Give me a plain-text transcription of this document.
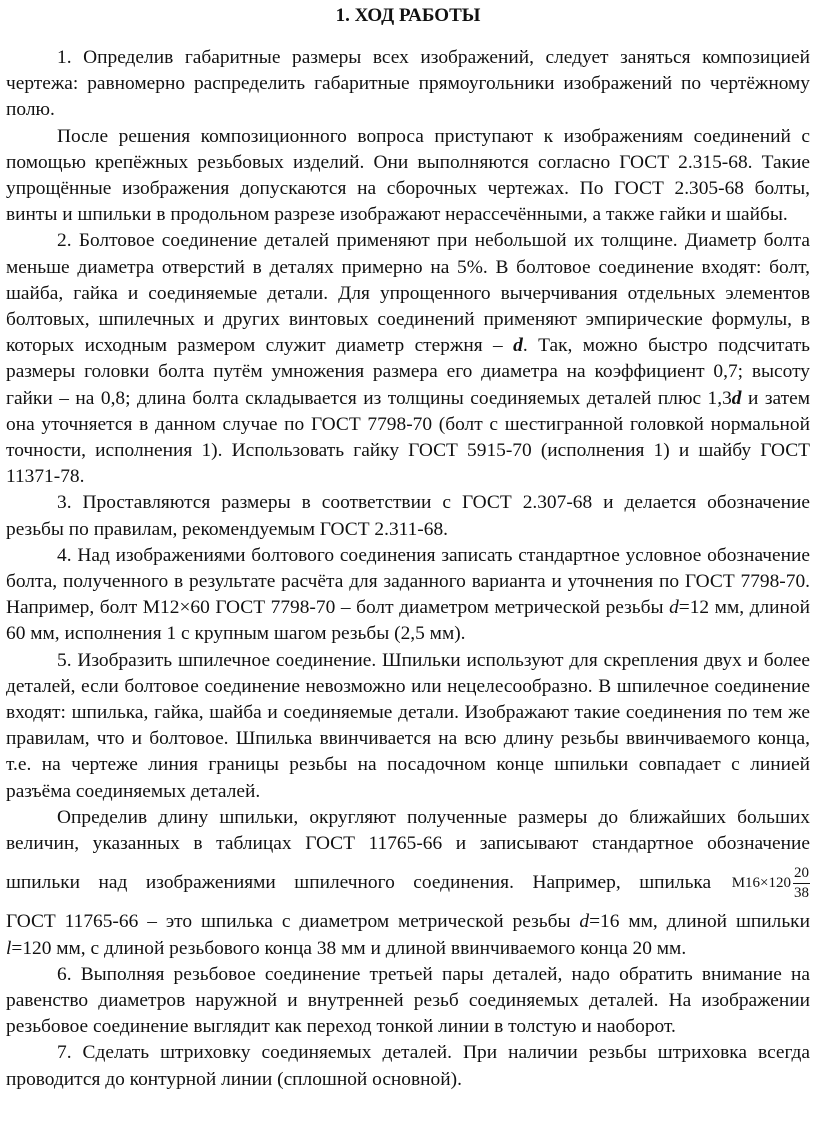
1. ХОД РАБОТЫ

1. Определив габаритные размеры всех изображений, следует заняться композицией чертежа: равномерно распределить габаритные прямоугольники изображений по чертёжному полю.

После решения композиционного вопроса приступают к изображениям соединений с помощью крепёжных резьбовых изделий. Они выполняются согласно ГОСТ 2.315-68. Такие упрощённые изображения допускаются на сборочных чертежах. По ГОСТ 2.305-68 болты, винты и шпильки в продольном разрезе изображают нерассечёнными, а также гайки и шайбы.

2. Болтовое соединение деталей применяют при небольшой их толщине. Диаметр болта меньше диаметра отверстий в деталях примерно на 5%. В болтовое соединение входят: болт, шайба, гайка и соединяемые детали. Для упрощенного вычерчивания отдельных элементов болтовых, шпилечных и других винтовых соединений применяют эмпирические формулы, в которых исходным размером служит диаметр стержня – d. Так, можно быстро подсчитать размеры головки болта путём умножения размера его диаметра на коэффициент 0,7; высоту гайки – на 0,8; длина болта складывается из толщины соединяемых деталей плюс 1,3d и затем она уточняется в данном случае по ГОСТ 7798-70 (болт с шестигранной головкой нормальной точности, исполнения 1). Использовать гайку ГОСТ 5915-70 (исполнения 1) и шайбу ГОСТ 11371-78.

3. Проставляются размеры в соответствии с ГОСТ 2.307-68 и делается обозначение резьбы по правилам, рекомендуемым ГОСТ 2.311-68.

4. Над изображениями болтового соединения записать стандартное условное обозначение болта, полученного в результате расчёта для заданного варианта и уточнения по ГОСТ 7798-70. Например, болт М12×60 ГОСТ 7798-70 – болт диаметром метрической резьбы d=12 мм, длиной 60 мм, исполнения 1 с крупным шагом резьбы (2,5 мм).

5. Изобразить шпилечное соединение. Шпильки используют для скрепления двух и более деталей, если болтовое соединение невозможно или нецелесообразно. В шпилечное соединение входят: шпилька, гайка, шайба и соединяемые детали. Изображают такие соединения по тем же правилам, что и болтовое. Шпилька ввинчивается на всю длину резьбы ввинчиваемого конца, т.е. на чертеже линия границы резьбы на посадочном конце шпильки совпадает с линией разъёма соединяемых деталей.

Определив длину шпильки, округляют полученные размеры до ближайших больших величин, указанных в таблицах ГОСТ 11765-66 и записывают стандартное обозначение

шпильки над изображениями шпилечного соединения. Например, шпилька $М16\times 120 \frac{20}{38}$

ГОСТ 11765-66 – это шпилька с диаметром метрической резьбы d=16 мм, длиной шпильки l=120 мм, с длиной резьбового конца 38 мм и длиной ввинчиваемого конца 20 мм.

6. Выполняя резьбовое соединение третьей пары деталей, надо обратить внимание на равенство диаметров наружной и внутренней резьб соединяемых деталей. На изображении резьбовое соединение выглядит как переход тонкой линии в толстую и наоборот.

7. Сделать штриховку соединяемых деталей. При наличии резьбы штриховка всегда проводится до контурной линии (сплошной основной).
